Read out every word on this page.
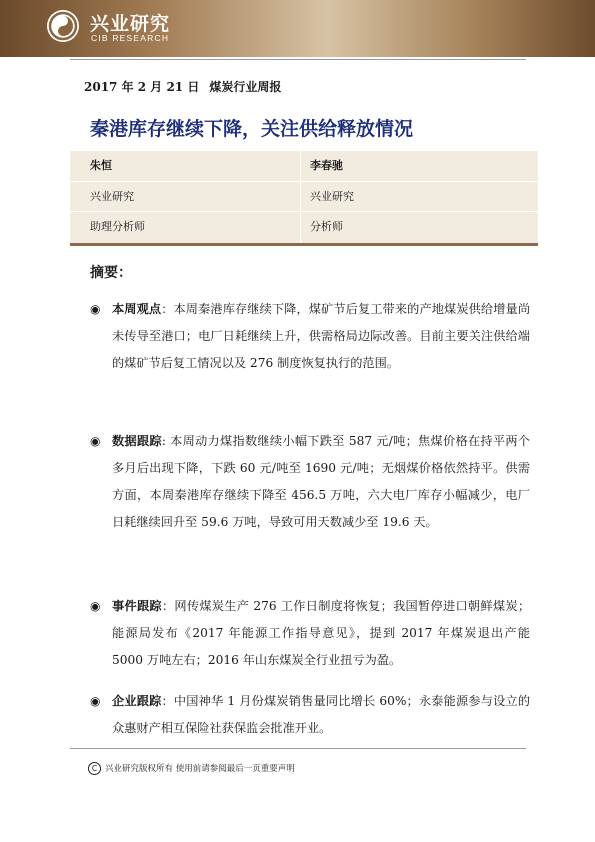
兴业研究
CIB RESEARCH
2017 年 2 月 21 日 煤炭行业周报
秦港库存继续下降，关注供给释放情况
朱恒	李春驰
兴业研究	兴业研究
助理分析师	分析师
摘要：
◉ 本周观点：本周秦港库存继续下降，煤矿节后复工带来的产地煤炭供给增量尚未传导至港口；电厂日耗继续上升，供需格局边际改善。目前主要关注供给端的煤矿节后复工情况以及 276 制度恢复执行的范围。
◉ 数据跟踪: 本周动力煤指数继续小幅下跌至 587 元/吨；焦煤价格在持平两个多月后出现下降，下跌 60 元/吨至 1690 元/吨；无烟煤价格依然持平。供需方面，本周秦港库存继续下降至 456.5 万吨，六大电厂库存小幅减少，电厂日耗继续回升至 59.6 万吨，导致可用天数减少至 19.6 天。
◉ 事件跟踪：网传煤炭生产 276 工作日制度将恢复；我国暂停进口朝鲜煤炭；能源局发布《2017 年能源工作指导意见》，提到 2017 年煤炭退出产能 5000 万吨左右；2016 年山东煤炭全行业扭亏为盈。
◉ 企业跟踪：中国神华 1 月份煤炭销售量同比增长 60%；永泰能源参与设立的众惠财产相互保险社获保监会批准开业。
C 兴业研究版权所有 使用前请参阅最后一页重要声明
